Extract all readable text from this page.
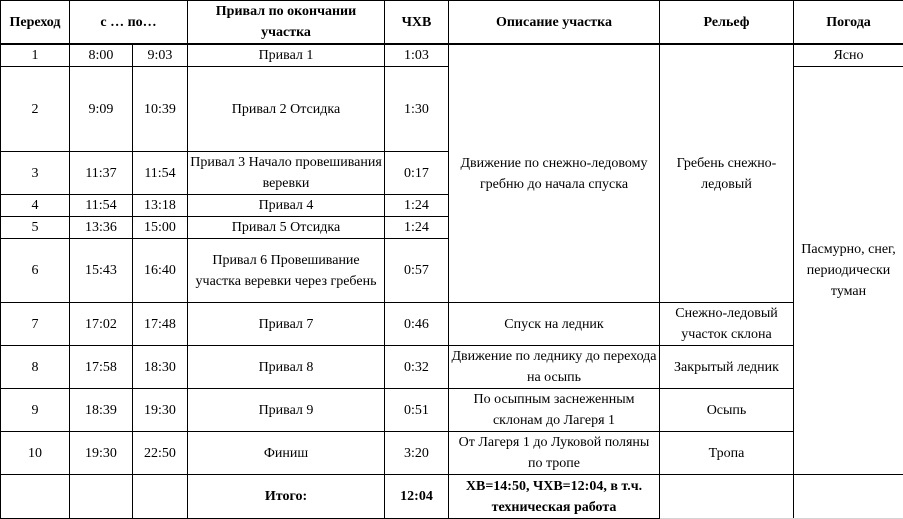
Переход	с … по…		Привал по окончании участка	ЧХВ	Описание участка	Рельеф	Погода
1	8:00	9:03	Привал 1	1:03	Движение по снежно-ледовому гребню до начала спуска	Гребень снежно-ледовый	Ясно
2	9:09	10:39	Привал 2 Отсидка	1:30			Пасмурно, снег, периодически туман
3	11:37	11:54	Привал 3 Начало провешивания веревки	0:17			
4	11:54	13:18	Привал 4	1:24			
5	13:36	15:00	Привал 5 Отсидка	1:24			
6	15:43	16:40	Привал 6 Провешивание участка веревки через гребень	0:57			
7	17:02	17:48	Привал 7	0:46	Спуск на ледник	Снежно-ледовый участок склона	
8	17:58	18:30	Привал 8	0:32	Движение по леднику до перехода на осыпь	Закрытый ледник	
9	18:39	19:30	Привал 9	0:51	По осыпным заснеженным склонам до Лагеря 1	Осыпь	
10	19:30	22:50	Финиш	3:20	От Лагеря 1 до Луковой поляны по тропе	Тропа	
			Итого:	12:04	ХВ=14:50, ЧХВ=12:04, в т.ч. техническая работа		
